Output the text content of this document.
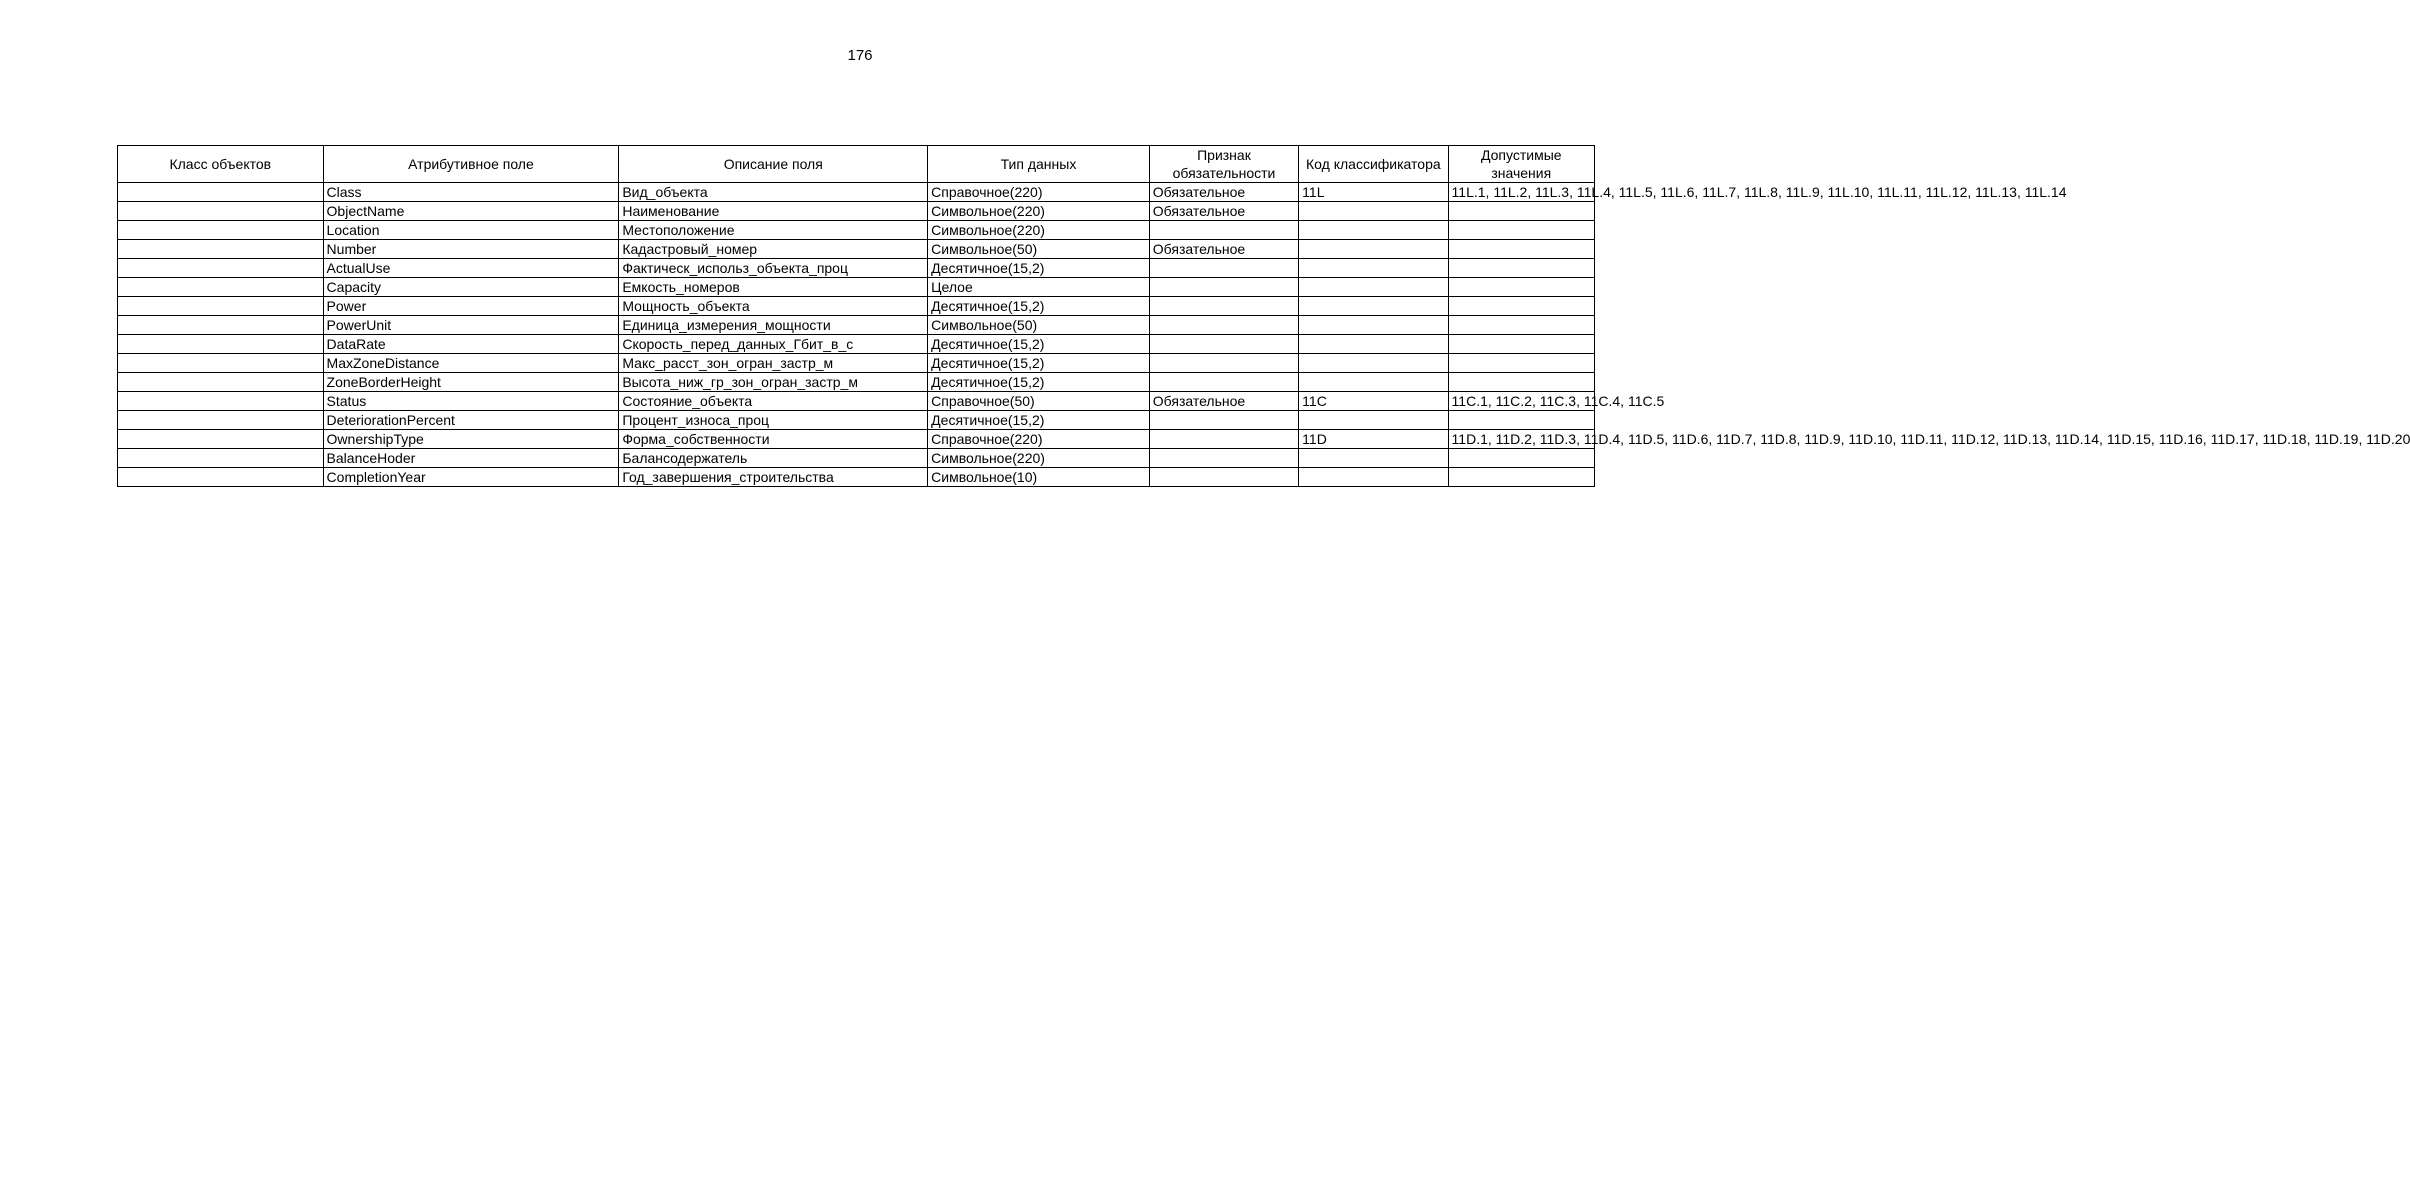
176
Класс объектов	Атрибутивное поле	Описание поля	Тип данных	Признак обязательности	Код классификатора	Допустимые значения
	Class	Вид_объекта	Справочное(220)	Обязательное	11L	11L.1, 11L.2, 11L.3, 11L.4, 11L.5, 11L.6, 11L.7, 11L.8, 11L.9, 11L.10, 11L.11, 11L.12, 11L.13, 11L.14
	ObjectName	Наименование	Символьное(220)	Обязательное		
	Location	Местоположение	Символьное(220)			
	Number	Кадастровый_номер	Символьное(50)	Обязательное		
	ActualUse	Фактическ_использ_объекта_проц	Десятичное(15,2)			
	Capacity	Емкость_номеров	Целое			
	Power	Мощность_объекта	Десятичное(15,2)			
	PowerUnit	Единица_измерения_мощности	Символьное(50)			
	DataRate	Скорость_перед_данных_Гбит_в_с	Десятичное(15,2)			
	MaxZoneDistance	Макс_расст_зон_огран_застр_м	Десятичное(15,2)			
	ZoneBorderHeight	Высота_ниж_гр_зон_огран_застр_м	Десятичное(15,2)			
	Status	Состояние_объекта	Справочное(50)	Обязательное	11C	11C.1, 11C.2, 11C.3, 11C.4, 11C.5
	DeteriorationPercent	Процент_износа_проц	Десятичное(15,2)			
	OwnershipType	Форма_собственности	Справочное(220)		11D	11D.1, 11D.2, 11D.3, 11D.4, 11D.5, 11D.6, 11D.7, 11D.8, 11D.9, 11D.10, 11D.11, 11D.12, 11D.13, 11D.14, 11D.15, 11D.16, 11D.17, 11D.18, 11D.19, 11D.20
	BalanceHoder	Балансодержатель	Символьное(220)			
	CompletionYear	Год_завершения_строительства	Символьное(10)			
